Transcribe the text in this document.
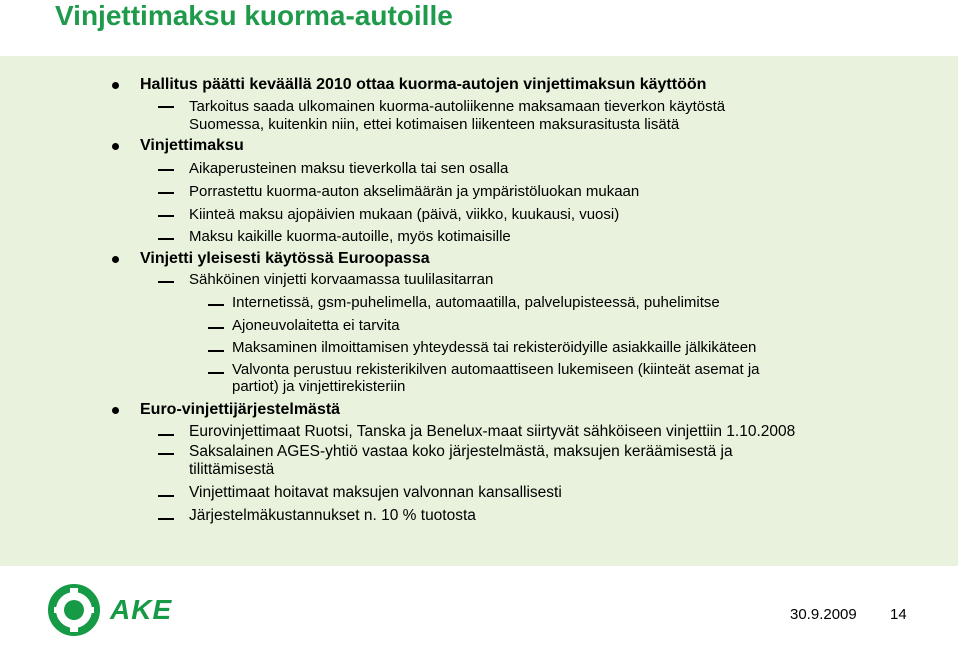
Vinjettimaksu kuorma-autoille
Hallitus päätti keväällä 2010 ottaa kuorma-autojen vinjettimaksun käyttöön
Tarkoitus saada ulkomainen kuorma-autoliikenne maksamaan tieverkon käytöstä
Suomessa, kuitenkin niin, ettei kotimaisen liikenteen maksurasitusta lisätä
Vinjettimaksu
Aikaperusteinen maksu tieverkolla tai sen osalla
Porrastettu kuorma-auton akselimäärän ja ympäristöluokan mukaan
Kiinteä maksu ajopäivien mukaan (päivä, viikko, kuukausi, vuosi)
Maksu kaikille kuorma-autoille, myös kotimaisille
Vinjetti yleisesti käytössä Euroopassa
Sähköinen vinjetti korvaamassa tuulilasitarran
Internetissä, gsm-puhelimella, automaatilla, palvelupisteessä, puhelimitse
Ajoneuvolaitetta ei tarvita
Maksaminen ilmoittamisen yhteydessä tai rekisteröidyille asiakkaille jälkikäteen
Valvonta perustuu rekisterikilven automaattiseen lukemiseen (kiinteät asemat ja
partiot) ja vinjettirekisteriin
Euro-vinjettijärjestelmästä
Eurovinjettimaat Ruotsi, Tanska ja Benelux-maat siirtyvät sähköiseen vinjettiin 1.10.2008
Saksalainen AGES-yhtiö vastaa koko järjestelmästä, maksujen keräämisestä ja
tilittämisestä
Vinjettimaat hoitavat maksujen valvonnan kansallisesti
Järjestelmäkustannukset n. 10 % tuotosta
AKE	30.9.2009 14
